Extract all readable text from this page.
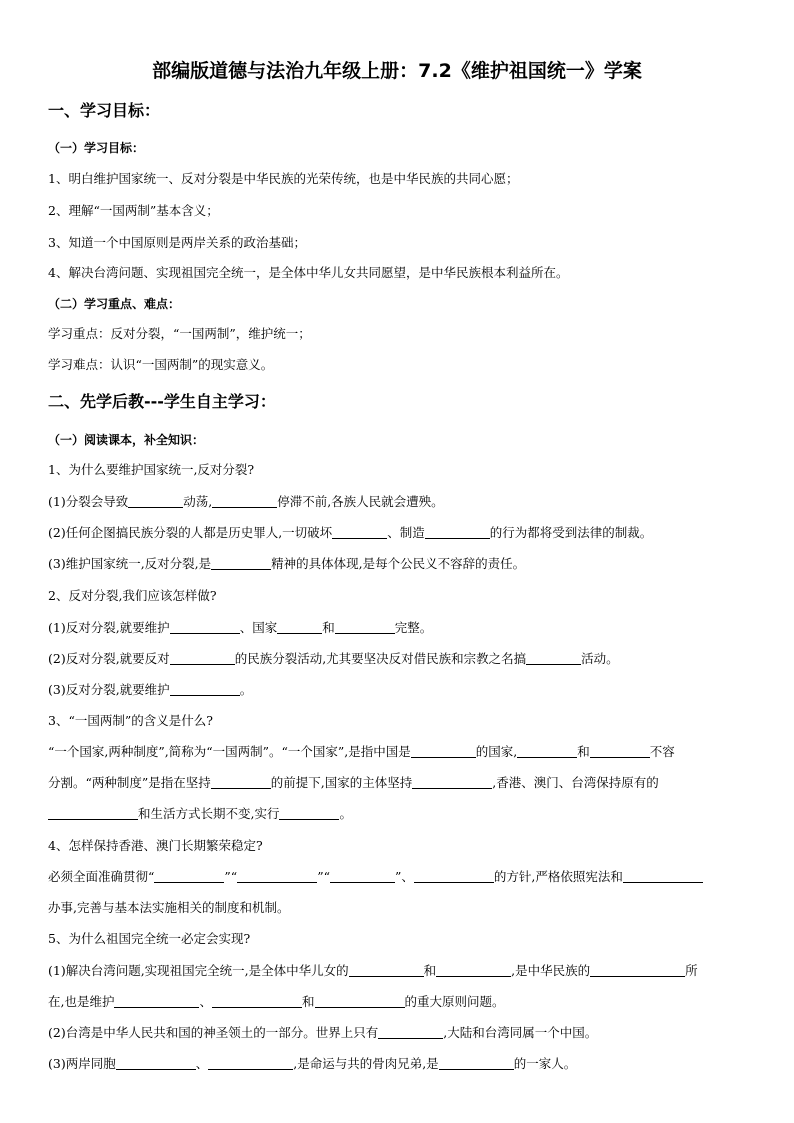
部编版道德与法治九年级上册：7.2《维护祖国统一》学案
一、学习目标：
（一）学习目标：
1、明白维护国家统一、反对分裂是中华民族的光荣传统，也是中华民族的共同心愿；
2、理解“一国两制”基本含义；
3、知道一个中国原则是两岸关系的政治基础；
4、解决台湾问题、实现祖国完全统一，是全体中华儿女共同愿望，是中华民族根本利益所在。
（二）学习重点、难点：
学习重点：反对分裂，“一国两制”，维护统一；
学习难点：认识“一国两制”的现实意义。
二、先学后教---学生自主学习：
（一）阅读课本，补全知识：
1、为什么要维护国家统一,反对分裂?
(1)分裂会导致	动荡,	停滞不前,各族人民就会遭殃。
(2)任何企图搞民族分裂的人都是历史罪人,一切破坏	、制造	的行为都将受到法律的制裁。
(3)维护国家统一,反对分裂,是	精神的具体体现,是每个公民义不容辞的责任。
2、反对分裂,我们应该怎样做?
(1)反对分裂,就要维护	、国家	和	完整。
(2)反对分裂,就要反对	的民族分裂活动,尤其要坚决反对借民族和宗教之名搞	活动。
(3)反对分裂,就要维护	。
3、“一国两制”的含义是什么?
“一个国家,两种制度”,简称为“一国两制”。“一个国家”,是指中国是	的国家,	和	不容
分割。“两种制度”是指在坚持	的前提下,国家的主体坚持	,香港、澳门、台湾保持原有的
和生活方式长期不变,实行	。
4、怎样保持香港、澳门长期繁荣稳定?
必须全面准确贯彻“	”“	”“	”、	的方针,严格依照宪法和
办事,完善与基本法实施相关的制度和机制。
5、为什么祖国完全统一必定会实现?
(1)解决台湾问题,实现祖国完全统一,是全体中华儿女的	和	,是中华民族的	所
在,也是维护	、	和	的重大原则问题。
(2)台湾是中华人民共和国的神圣领土的一部分。世界上只有	,大陆和台湾同属一个中国。
(3)两岸同胞	、	,是命运与共的骨肉兄弟,是	的一家人。
